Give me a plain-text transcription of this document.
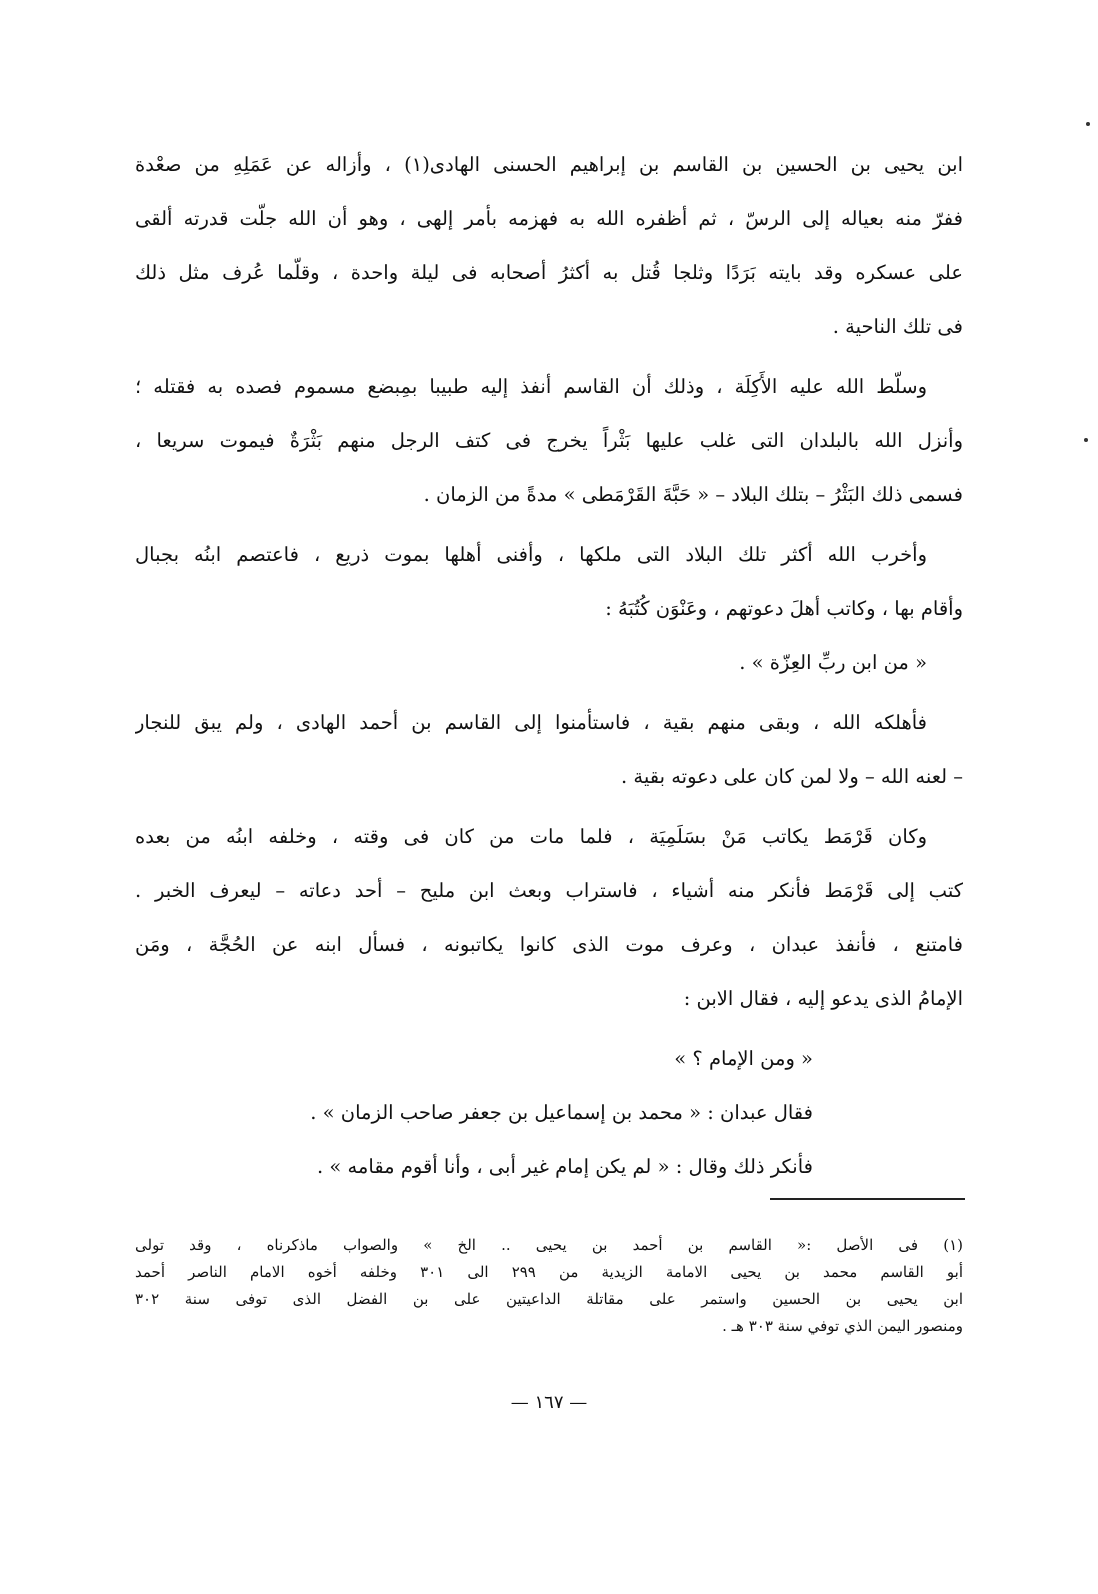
ابن يحيى بن الحسين بن القاسم بن إبراهيم الحسنى الهادى(١) ، وأزاله عن عَمَلِهِ من صعْدة
ففرّ منه بعياله إلى الرسّ ، ثم أظفره الله به فهزمه بأمر إلهى ، وهو أن الله جلّت قدرته ألقى
على عسكره وقد بايته بَرَدًا وثلجا قُتل به أكثرُ أصحابه فى ليلة واحدة ، وقلّما عُرف مثل ذلك
فى تلك الناحية .
وسلّط الله عليه الأَكِلَة ، وذلك أن القاسم أنفذ إليه طبيبا بمِبضع مسموم فصده به فقتله ؛
وأنزل الله بالبلدان التى غلب عليها بَثْراً يخرج فى كتف الرجل منهم بَثْرَةٌ فيموت سريعا ،
فسمى ذلك البَثْرُ – بتلك البلاد – « حَبَّةَ القَرْمَطى » مدةً من الزمان .
وأخرب الله أكثر تلك البلاد التى ملكها ، وأفنى أهلها بموت ذريع ، فاعتصم ابنُه بجبال
وأقام بها ، وكاتب أهلَ دعوتهم ، وعَنْوَن كُتُبَهُ :
« من ابن ربِّ العِزّة » .
فأهلكه الله ، وبقى منهم بقية ، فاستأمنوا إلى القاسم بن أحمد الهادى ، ولم يبق للنجار
– لعنه الله – ولا لمن كان على دعوته بقية .
وكان قَرْمَط يكاتب مَنْ بسَلَمِيَة ، فلما مات من كان فى وقته ، وخلفه ابنُه من بعده
كتب إلى قَرْمَط فأنكر منه أشياء ، فاستراب وبعث ابن مليح – أحد دعاته – ليعرف الخبر .
فامتنع ، فأنفذ عبدان ، وعرف موت الذى كانوا يكاتبونه ، فسأل ابنه عن الحُجَّة ، ومَن
الإمامُ الذى يدعو إليه ، فقال الابن :
« ومن الإمام ؟ »
فقال عبدان : « محمد بن إسماعيل بن جعفر صاحب الزمان » .
فأنكر ذلك وقال : « لم يكن إمام غير أبى ، وأنا أقوم مقامه » .
(١) فى الأصل :« القاسم بن أحمد بن يحيى .. الخ » والصواب ماذكرناه ، وقد تولى
أبو القاسم محمد بن يحيى الامامة الزيدية من ٢٩٩ الى ٣٠١ وخلفه أخوه الامام الناصر أحمد
ابن يحيى بن الحسين واستمر على مقاتلة الداعيتين على بن الفضل الذى توفى سنة ٣٠٢
ومنصور اليمن الذي توفي سنة ٣٠٣ هـ .
— ١٦٧ —
